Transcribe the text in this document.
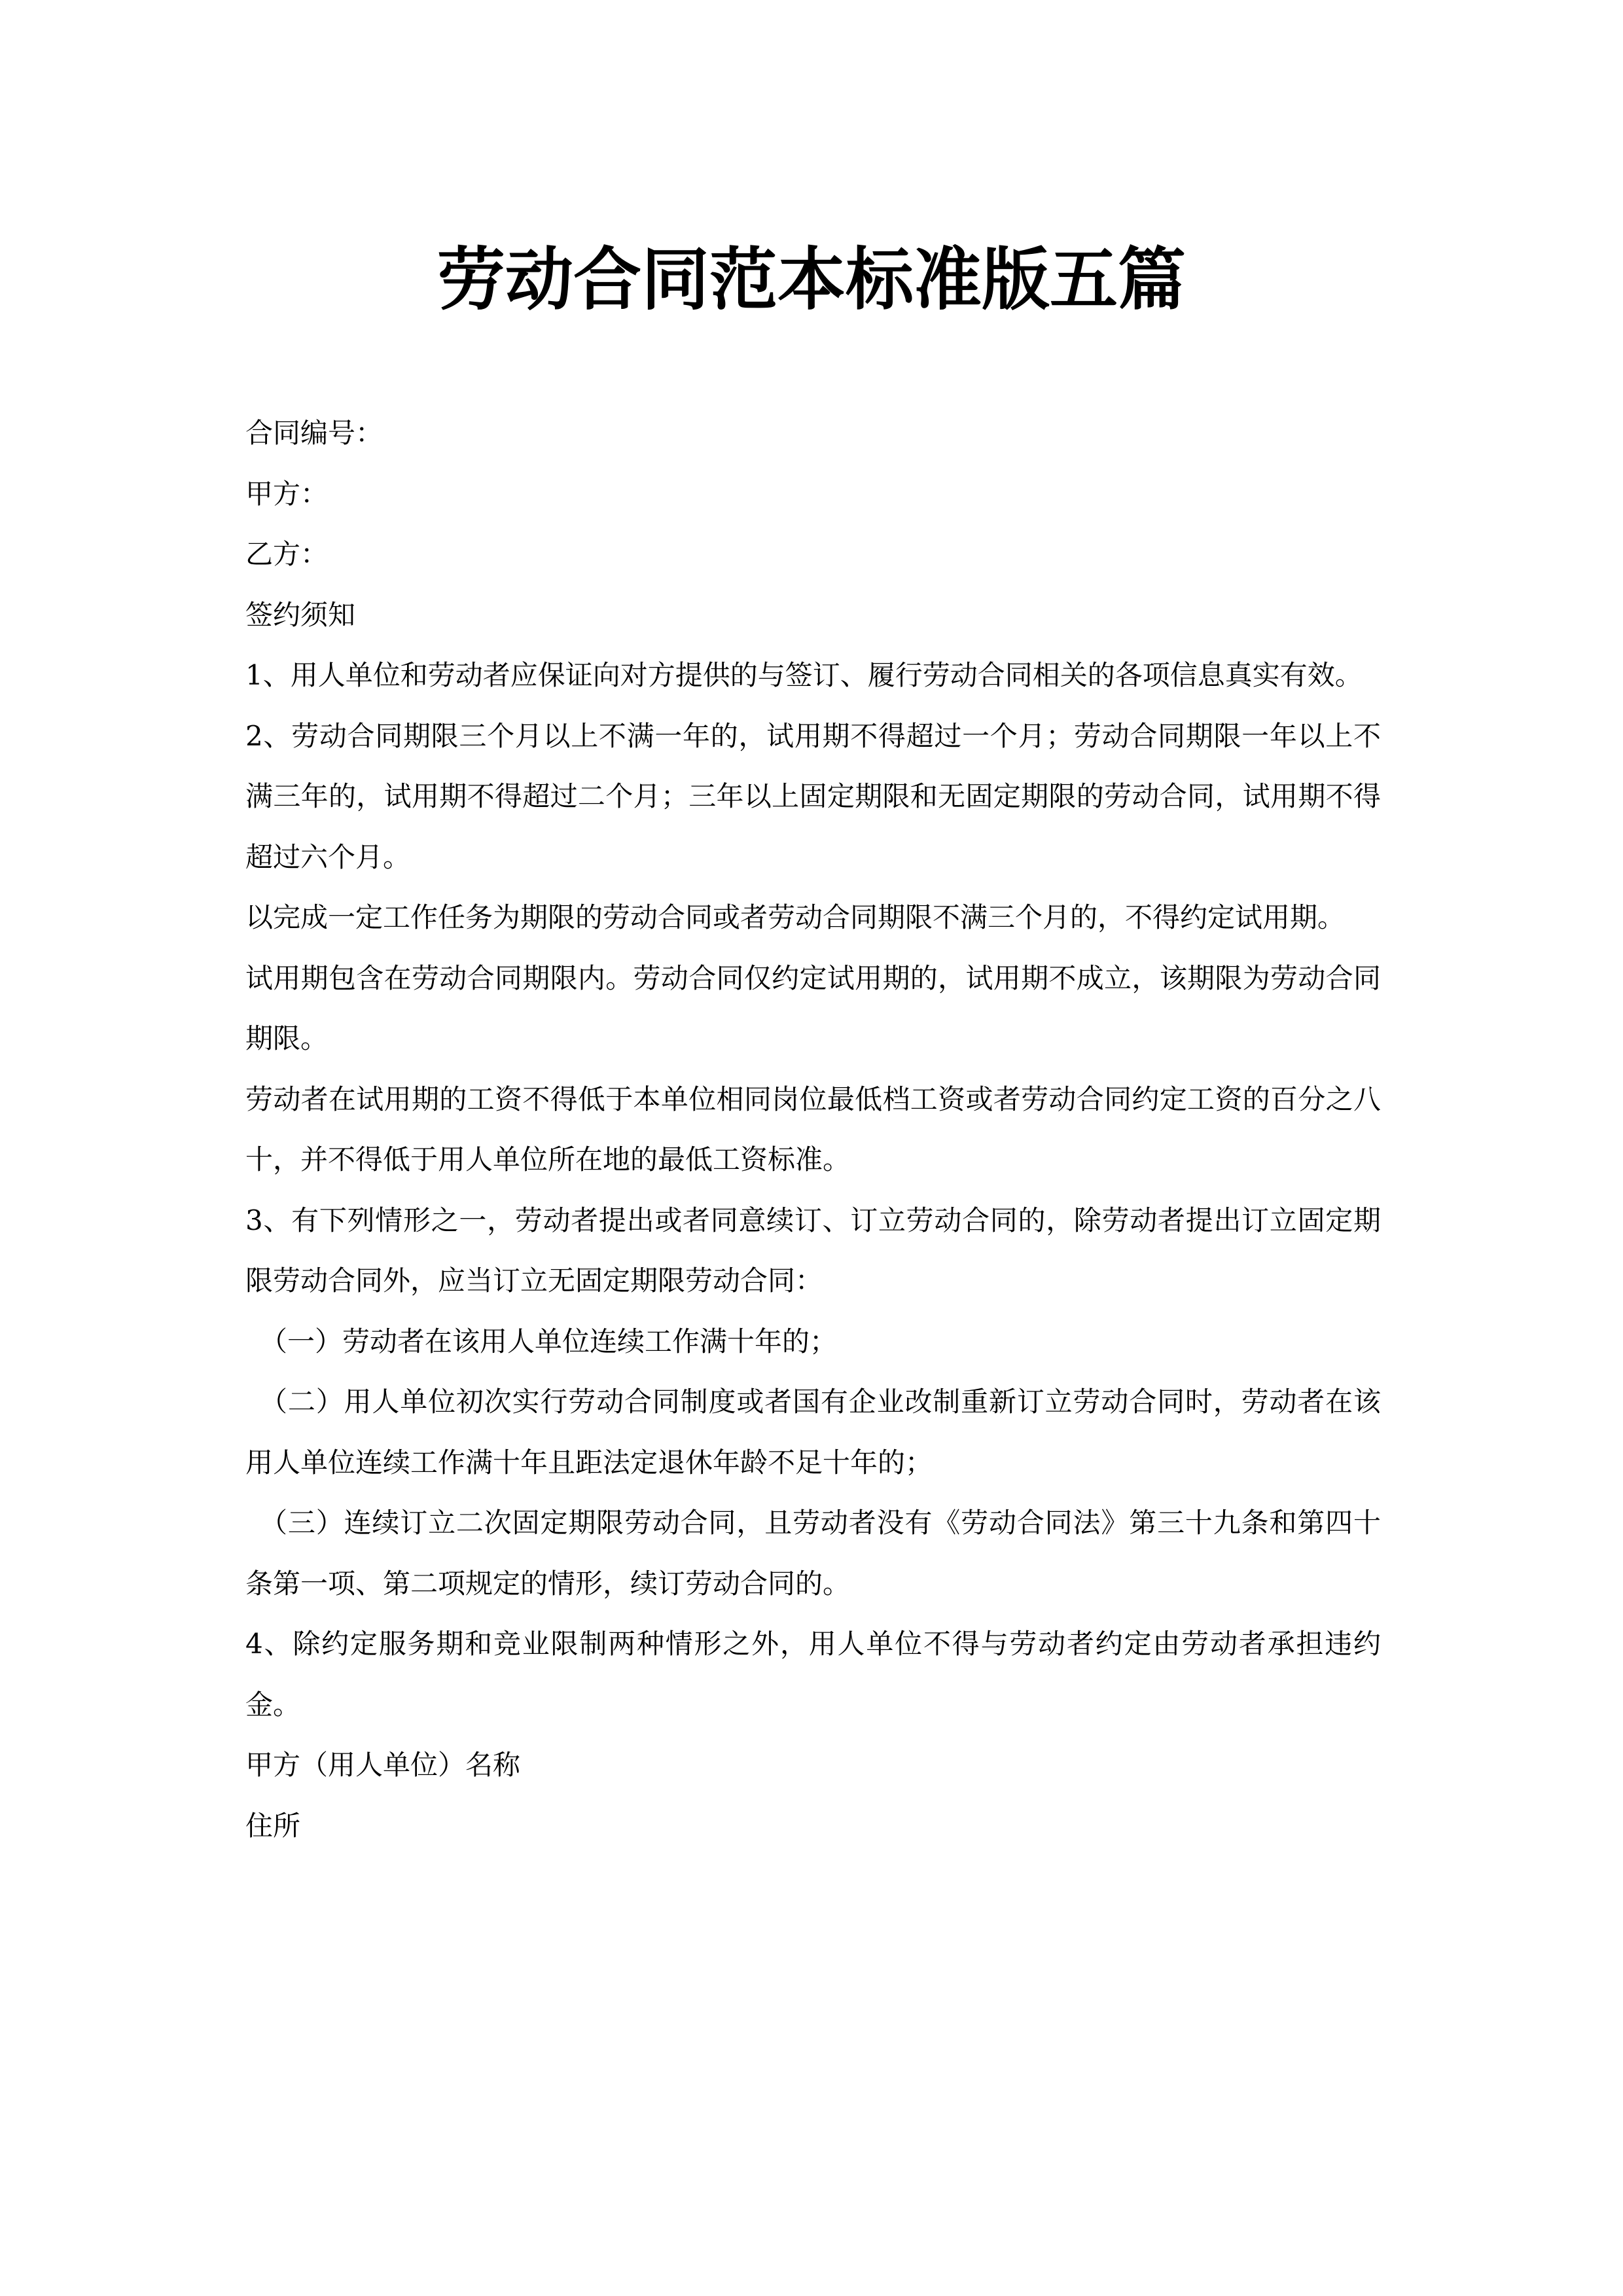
劳动合同范本标准版五篇

合同编号：

甲方：

乙方：

签约须知

1、用人单位和劳动者应保证向对方提供的与签订、履行劳动合同相关的各项信息真实有效。

2、劳动合同期限三个月以上不满一年的，试用期不得超过一个月；劳动合同期限一年以上不满三年的，试用期不得超过二个月；三年以上固定期限和无固定期限的劳动合同，试用期不得超过六个月。

以完成一定工作任务为期限的劳动合同或者劳动合同期限不满三个月的，不得约定试用期。

试用期包含在劳动合同期限内。劳动合同仅约定试用期的，试用期不成立，该期限为劳动合同期限。

劳动者在试用期的工资不得低于本单位相同岗位最低档工资或者劳动合同约定工资的百分之八十，并不得低于用人单位所在地的最低工资标准。

3、有下列情形之一，劳动者提出或者同意续订、订立劳动合同的，除劳动者提出订立固定期限劳动合同外，应当订立无固定期限劳动合同：

（一）劳动者在该用人单位连续工作满十年的；

（二）用人单位初次实行劳动合同制度或者国有企业改制重新订立劳动合同时，劳动者在该用人单位连续工作满十年且距法定退休年龄不足十年的；

（三）连续订立二次固定期限劳动合同，且劳动者没有《劳动合同法》第三十九条和第四十条第一项、第二项规定的情形，续订劳动合同的。

4、除约定服务期和竞业限制两种情形之外，用人单位不得与劳动者约定由劳动者承担违约金。

甲方（用人单位）名称

住所
